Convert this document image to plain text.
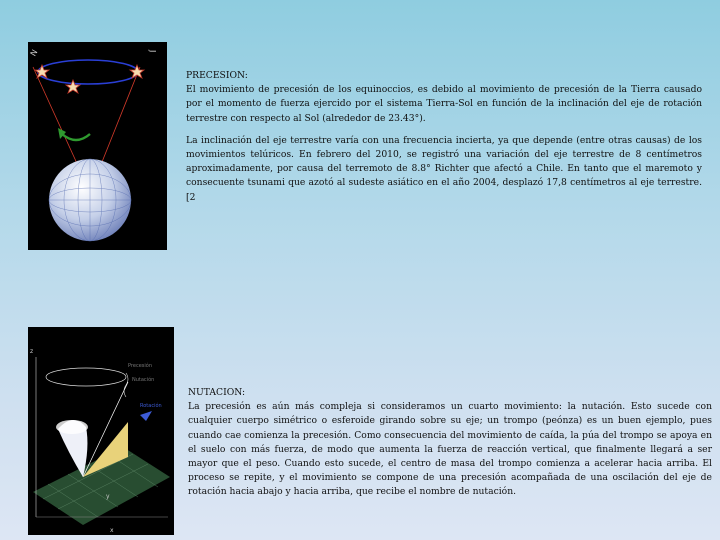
N	J

PRECESION:
El movimiento de precesión de los equinoccios, es debido al movimiento de precesión de la Tierra causado por el momento de fuerza ejercido por el sistema Tierra-Sol en función de la inclinación del eje de rotación terrestre con respecto al Sol (alrededor de 23.43°).

La inclinación del eje terrestre varía con una frecuencia incierta, ya que depende (entre otras causas) de los movimientos telúricos. En febrero del 2010, se registró una variación del eje terrestre de 8 centímetros aproximadamente, por causa del terremoto de 8.8° Richter que afectó a Chile. En tanto que el maremoto y consecuente tsunami que azotó al sudeste asiático en el año 2004, desplazó 17,8 centímetros al eje terrestre.[2

z
y
x
Precesión
Nutación
Rotación

NUTACION:
La precesión es aún más compleja si consideramos un cuarto movimiento: la nutación. Esto sucede con cualquier cuerpo simétrico o esferoide girando sobre su eje; un trompo (peónza) es un buen ejemplo, pues cuando cae comienza la precesión. Como consecuencia del movimiento de caída, la púa del trompo se apoya en el suelo con más fuerza, de modo que aumenta la fuerza de reacción vertical, que finalmente llegará a ser mayor que el peso. Cuando esto sucede, el centro de masa del trompo comienza a acelerar hacia arriba. El proceso se repite, y el movimiento se compone de una precesión acompañada de una oscilación del eje de rotación hacia abajo y hacia arriba, que recibe el nombre de nutación.
